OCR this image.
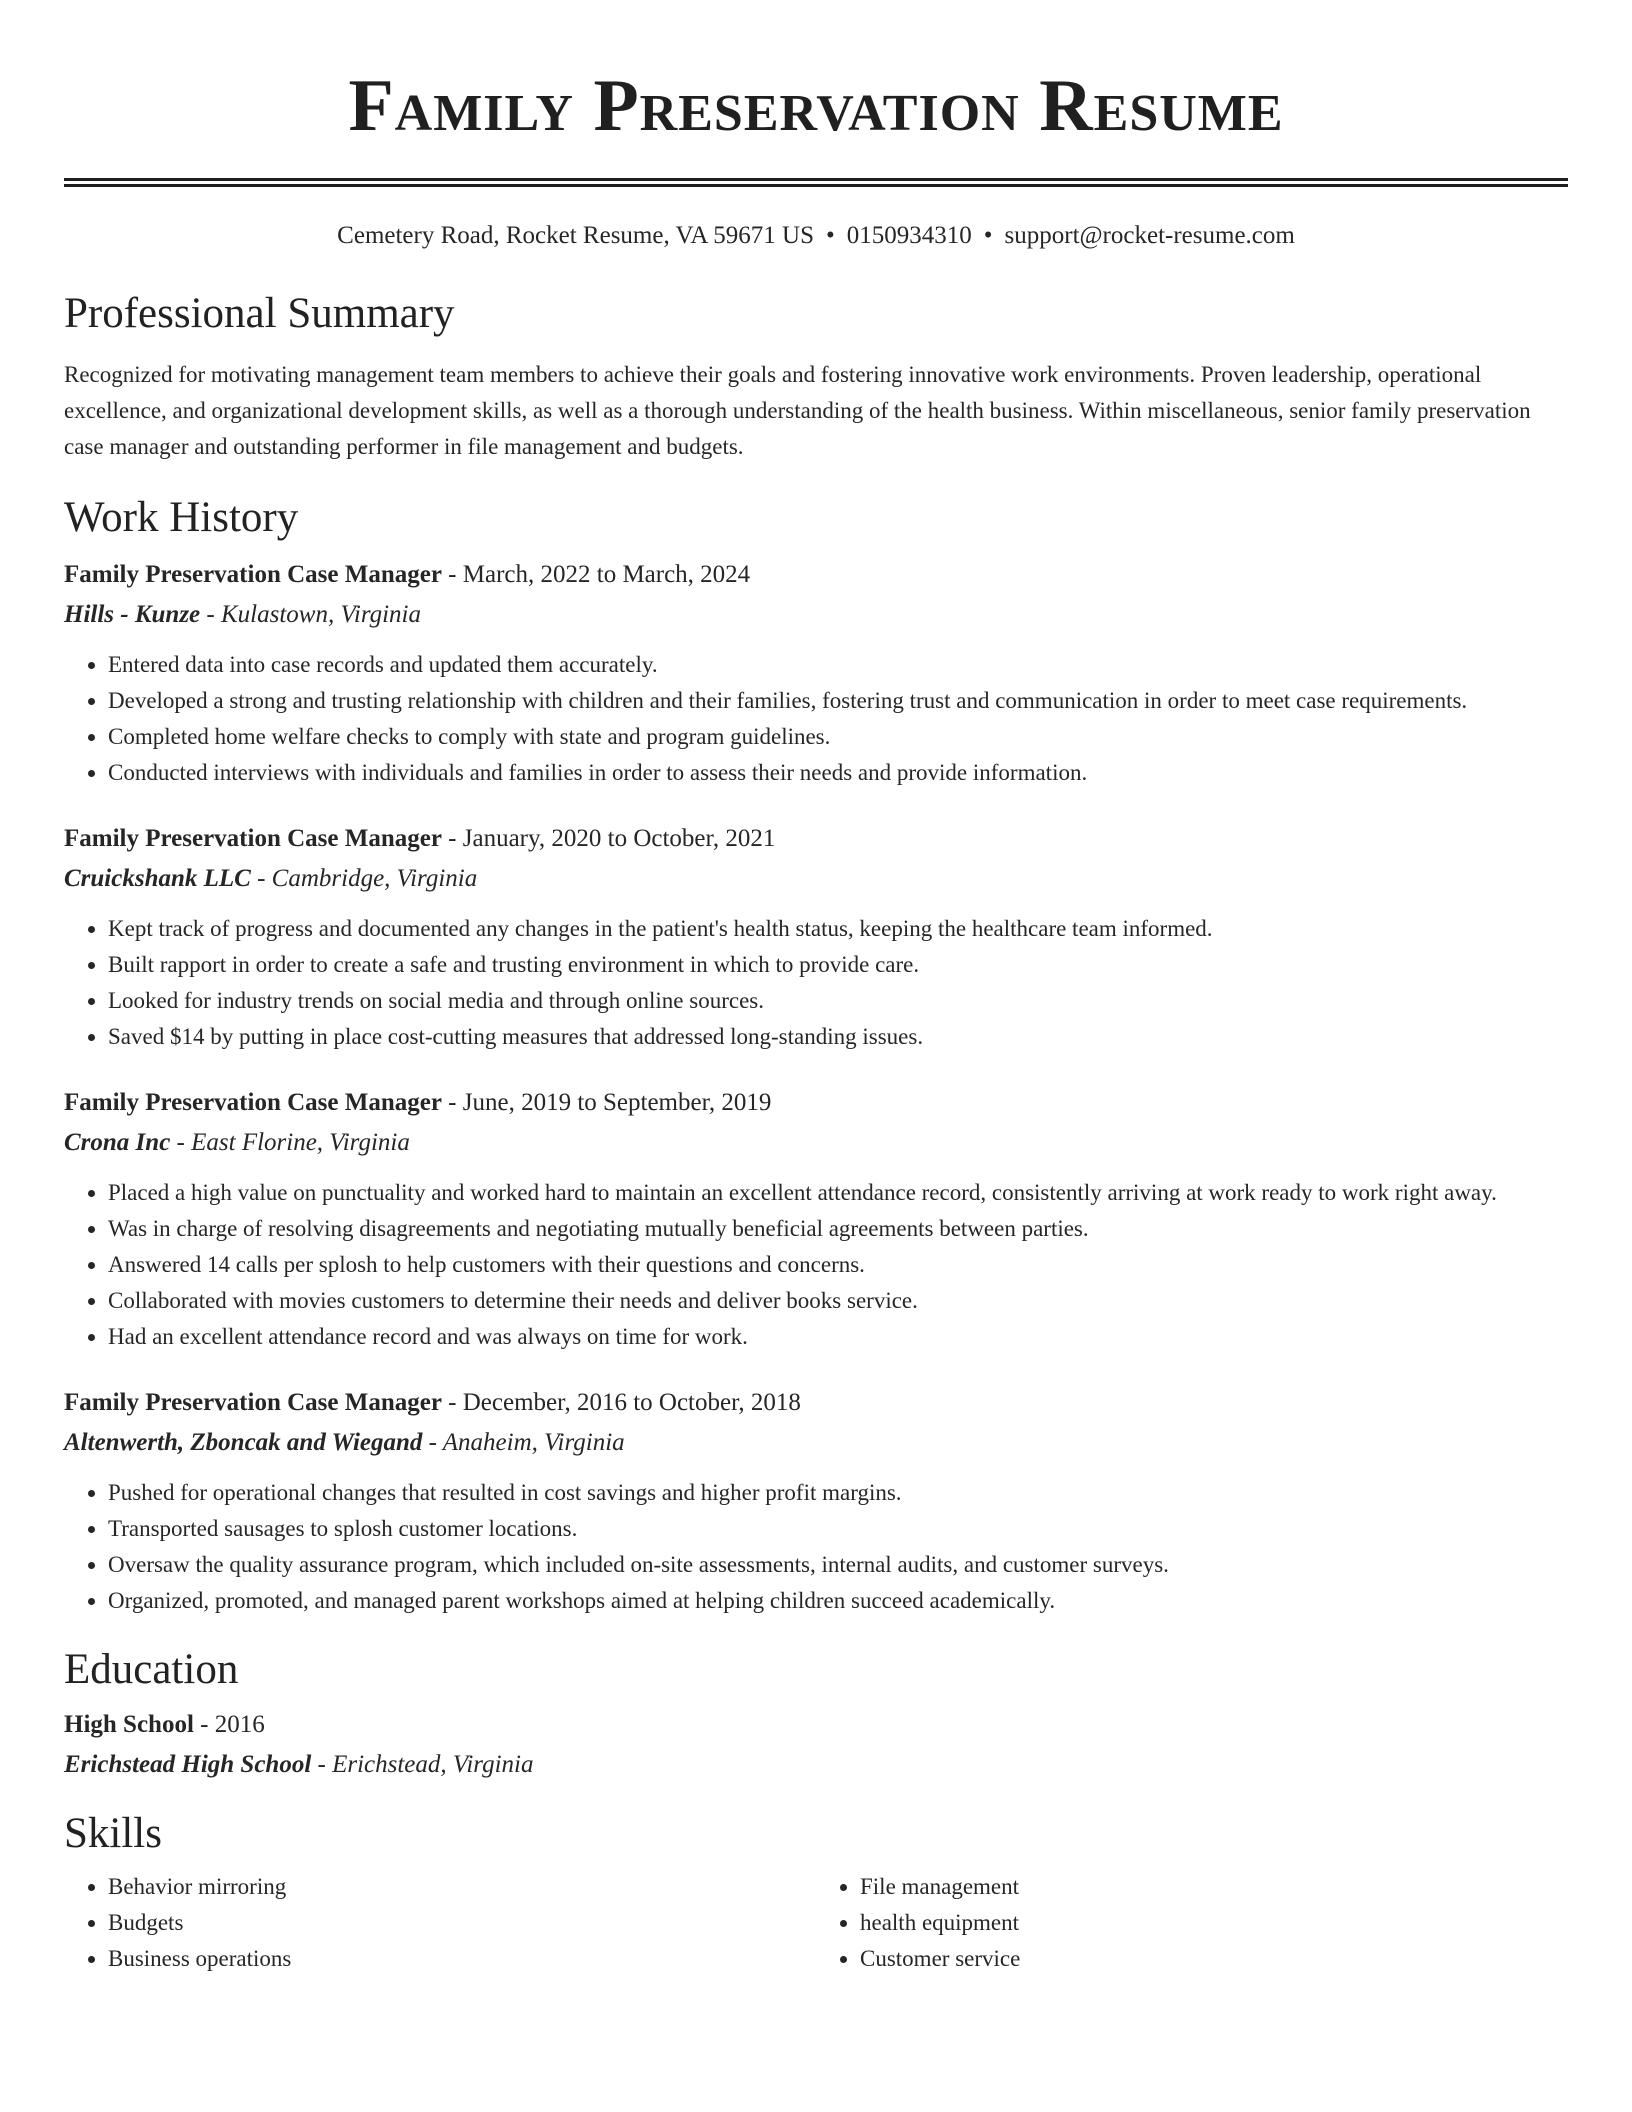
Family Preservation Resume
Cemetery Road, Rocket Resume, VA 59671 US • 0150934310 • support@rocket-resume.com
Professional Summary

Recognized for motivating management team members to achieve their goals and fostering innovative work environments. Proven leadership, operational excellence, and organizational development skills, as well as a thorough understanding of the health business. Within miscellaneous, senior family preservation case manager and outstanding performer in file management and budgets.

Work History

Family Preservation Case Manager - March, 2022 to March, 2024

Hills - Kunze - Kulastown, Virginia

• Entered data into case records and updated them accurately.
• Developed a strong and trusting relationship with children and their families, fostering trust and communication in order to meet case requirements.
• Completed home welfare checks to comply with state and program guidelines.
• Conducted interviews with individuals and families in order to assess their needs and provide information.

Family Preservation Case Manager - January, 2020 to October, 2021

Cruickshank LLC - Cambridge, Virginia

• Kept track of progress and documented any changes in the patient's health status, keeping the healthcare team informed.
• Built rapport in order to create a safe and trusting environment in which to provide care.
• Looked for industry trends on social media and through online sources.
• Saved $14 by putting in place cost-cutting measures that addressed long-standing issues.

Family Preservation Case Manager - June, 2019 to September, 2019

Crona Inc - East Florine, Virginia

• Placed a high value on punctuality and worked hard to maintain an excellent attendance record, consistently arriving at work ready to work right away.
• Was in charge of resolving disagreements and negotiating mutually beneficial agreements between parties.
• Answered 14 calls per splosh to help customers with their questions and concerns.
• Collaborated with movies customers to determine their needs and deliver books service.
• Had an excellent attendance record and was always on time for work.

Family Preservation Case Manager - December, 2016 to October, 2018

Altenwerth, Zboncak and Wiegand - Anaheim, Virginia

• Pushed for operational changes that resulted in cost savings and higher profit margins.
• Transported sausages to splosh customer locations.
• Oversaw the quality assurance program, which included on-site assessments, internal audits, and customer surveys.
• Organized, promoted, and managed parent workshops aimed at helping children succeed academically.
Education

High School - 2016

Erichstead High School - Erichstead, Virginia

Skills
• Behavior mirroring
• Budgets
• Business operations
• File management
• health equipment
• Customer service
